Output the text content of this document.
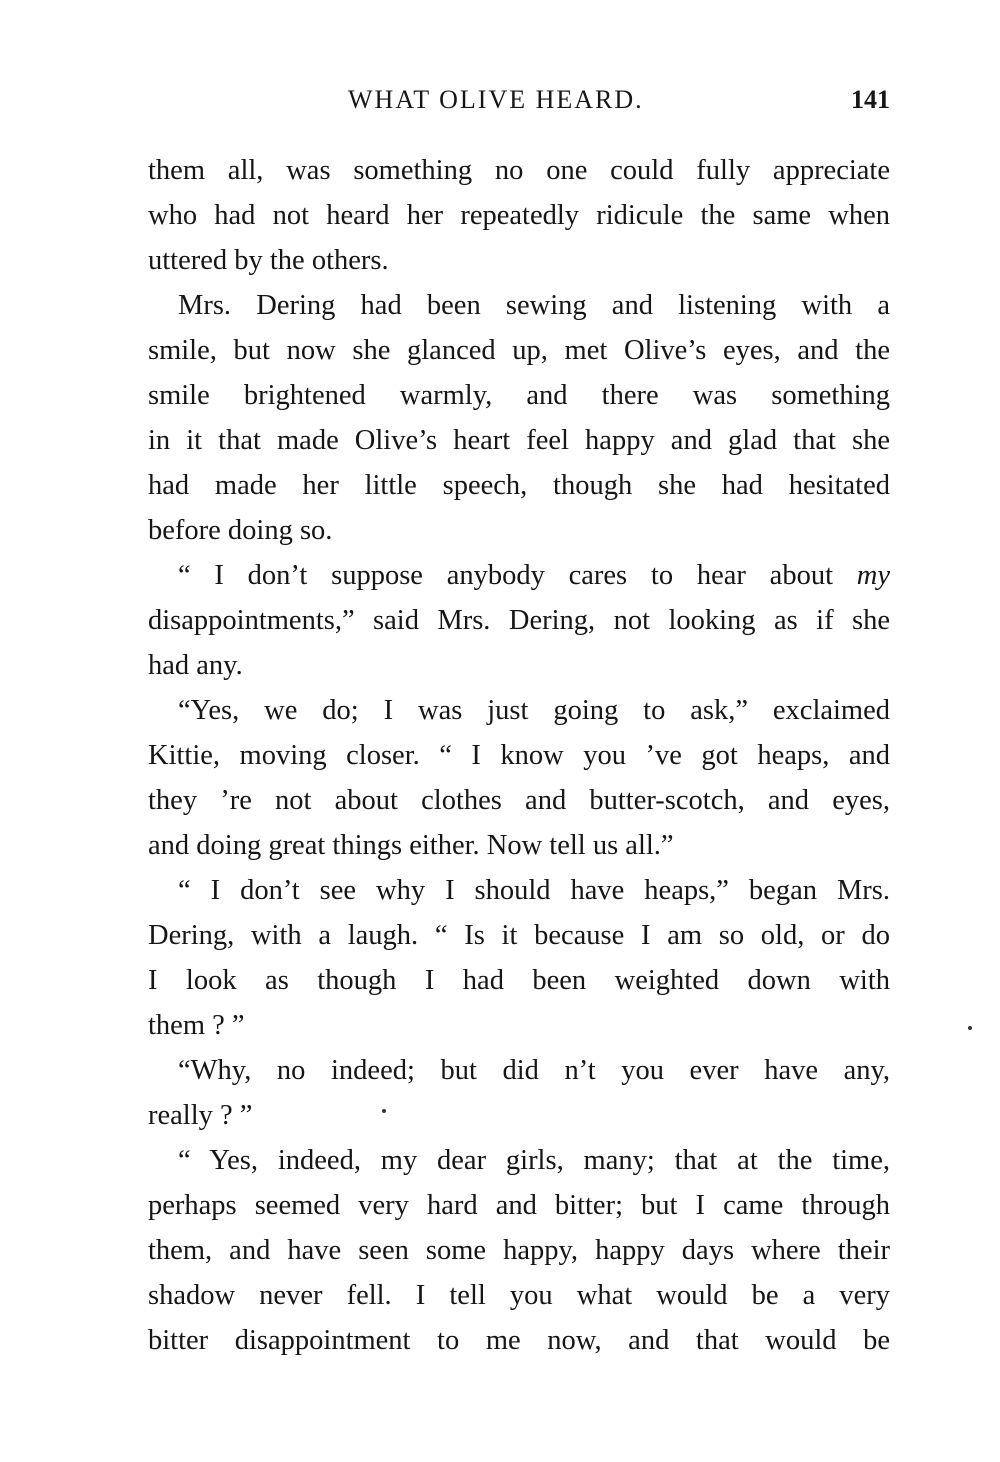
WHAT OLIVE HEARD.	141
them all, was something no one could fully appreciate
who had not heard her repeatedly ridicule the same when
uttered by the others.
Mrs. Dering had been sewing and listening with a
smile, but now she glanced up, met Olive’s eyes, and the
smile brightened warmly, and there was something
in it that made Olive’s heart feel happy and glad that she
had made her little speech, though she had hesitated
before doing so.
“ I don’t suppose anybody cares to hear about my
disappointments,” said Mrs. Dering, not looking as if she
had any.
“Yes, we do; I was just going to ask,” exclaimed
Kittie, moving closer. “ I know you ’ve got heaps, and
they ’re not about clothes and butter-scotch, and eyes,
and doing great things either. Now tell us all.”
“ I don’t see why I should have heaps,” began Mrs.
Dering, with a laugh. “ Is it because I am so old, or do
I look as though I had been weighted down with
them ? ”
“Why, no indeed; but did n’t you ever have any,
really ? ”
“ Yes, indeed, my dear girls, many; that at the time,
perhaps seemed very hard and bitter; but I came through
them, and have seen some happy, happy days where their
shadow never fell. I tell you what would be a very
bitter disappointment to me now, and that would be
